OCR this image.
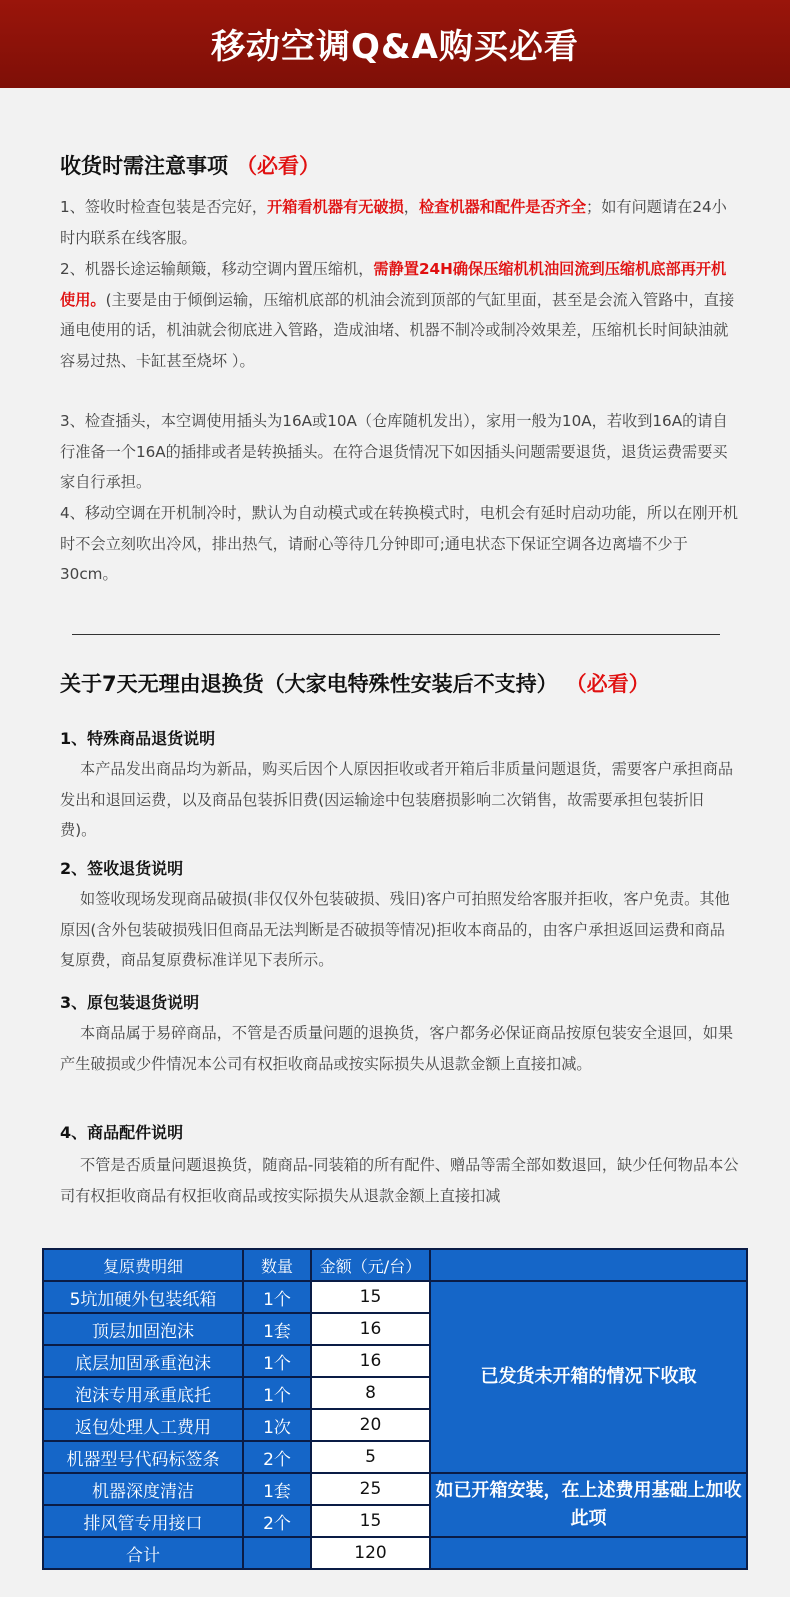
移动空调Q&A购买必看
收货时需注意事项 （必看）

1、签收时检查包装是否完好，开箱看机器有无破损，检查机器和配件是否齐全；如有问题请在24小时内联系在线客服。

2、机器长途运输颠簸，移动空调内置压缩机，需静置24H确保压缩机机油回流到压缩机底部再开机使用。(主要是由于倾倒运输，压缩机底部的机油会流到顶部的气缸里面，甚至是会流入管路中，直接通电使用的话，机油就会彻底进入管路，造成油堵、机器不制冷或制冷效果差，压缩机长时间缺油就容易过热、卡缸甚至烧坏 ）。

3、检查插头，本空调使用插头为16A或10A（仓库随机发出），家用一般为10A，若收到16A的请自行准备一个16A的插排或者是转换插头。在符合退货情况下如因插头问题需要退货，退货运费需要买家自行承担。

4、移动空调在开机制冷时，默认为自动模式或在转换模式时，电机会有延时启动功能，所以在刚开机时不会立刻吹出冷风，排出热气，请耐心等待几分钟即可;通电状态下保证空调各边离墙不少于30cm。

关于7天无理由退换货（大家电特殊性安装后不支持） （必看）
1、特殊商品退货说明

本产品发出商品均为新品，购买后因个人原因拒收或者开箱后非质量问题退货，需要客户承担商品发出和退回运费，以及商品包装拆旧费(因运输途中包装磨损影响二次销售，故需要承担包装折旧费)。

2、签收退货说明

如签收现场发现商品破损(非仅仅外包装破损、残旧)客户可拍照发给客服并拒收，客户免责。其他原因(含外包装破损残旧但商品无法判断是否破损等情况)拒收本商品的，由客户承担返回运费和商品复原费，商品复原费标准详见下表所示。

3、原包装退货说明

本商品属于易碎商品，不管是否质量问题的退换货，客户都务必保证商品按原包装安全退回，如果产生破损或少件情况本公司有权拒收商品或按实际损失从退款金额上直接扣减。

4、商品配件说明

不管是否质量问题退换货，随商品-同装箱的所有配件、赠品等需全部如数退回，缺少任何物品本公司有权拒收商品有权拒收商品或按实际损失从退款金额上直接扣减

复原费明细	数量	金额（元/台）	
5坑加硬外包装纸箱	1个	15	已发货未开箱的情况下收取
顶层加固泡沫	1套	16	
底层加固承重泡沫	1个	16	
泡沫专用承重底托	1个	8	
返包处理人工费用	1次	20	
机器型号代码标签条	2个	5	
机器深度清洁	1套	25	如已开箱安装，在上述费用基础上加收此项
排风管专用接口	2个	15	
合计		120	
